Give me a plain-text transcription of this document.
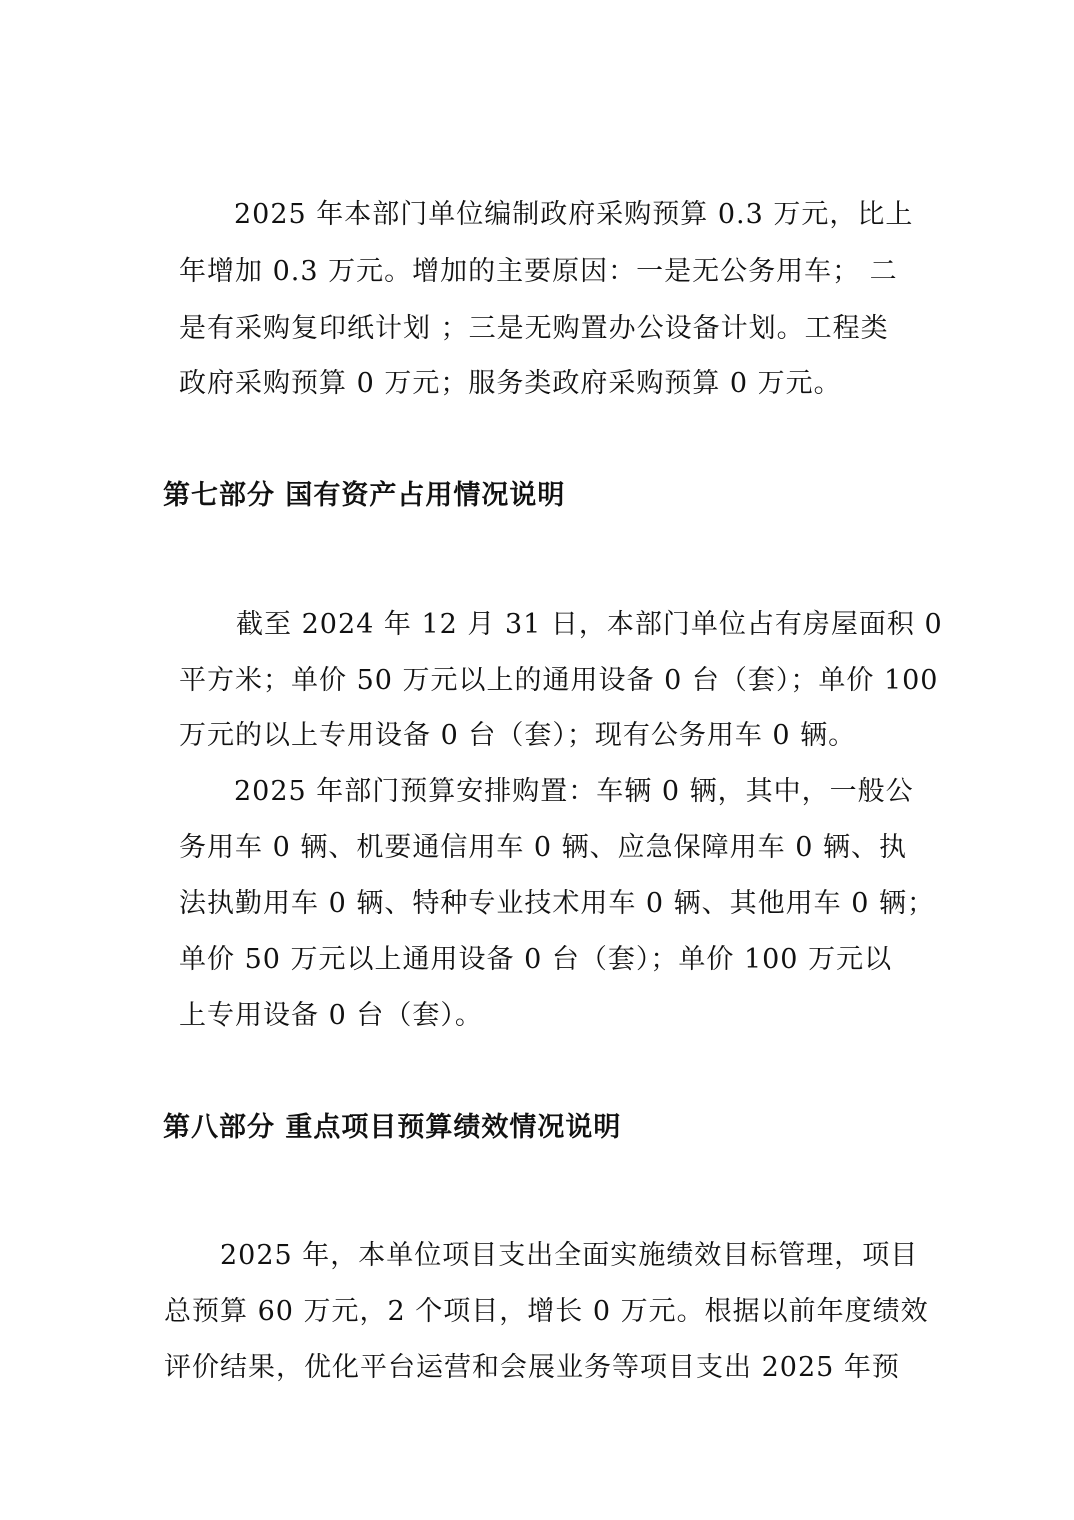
2025 年本部门单位编制政府采购预算 0.3 万元，比上
年增加 0.3 万元。增加的主要原因：一是无公务用车； 二
是有采购复印纸计划 ；三是无购置办公设备计划。工程类
政府采购预算 0 万元；服务类政府采购预算 0 万元。
第七部分 国有资产占用情况说明
截至 2024 年 12 月 31 日，本部门单位占有房屋面积 0
平方米；单价 50 万元以上的通用设备 0 台（套）；单价 100
万元的以上专用设备 0 台（套）；现有公务用车 0 辆。
2025 年部门预算安排购置：车辆 0 辆，其中，一般公
务用车 0 辆、机要通信用车 0 辆、应急保障用车 0 辆、执
法执勤用车 0 辆、特种专业技术用车 0 辆、其他用车 0 辆；
单价 50 万元以上通用设备 0 台（套）；单价 100 万元以
上专用设备 0 台（套）。
第八部分 重点项目预算绩效情况说明
2025 年，本单位项目支出全面实施绩效目标管理，项目
总预算 60 万元，2 个项目，增长 0 万元。根据以前年度绩效
评价结果，优化平台运营和会展业务等项目支出 2025 年预
